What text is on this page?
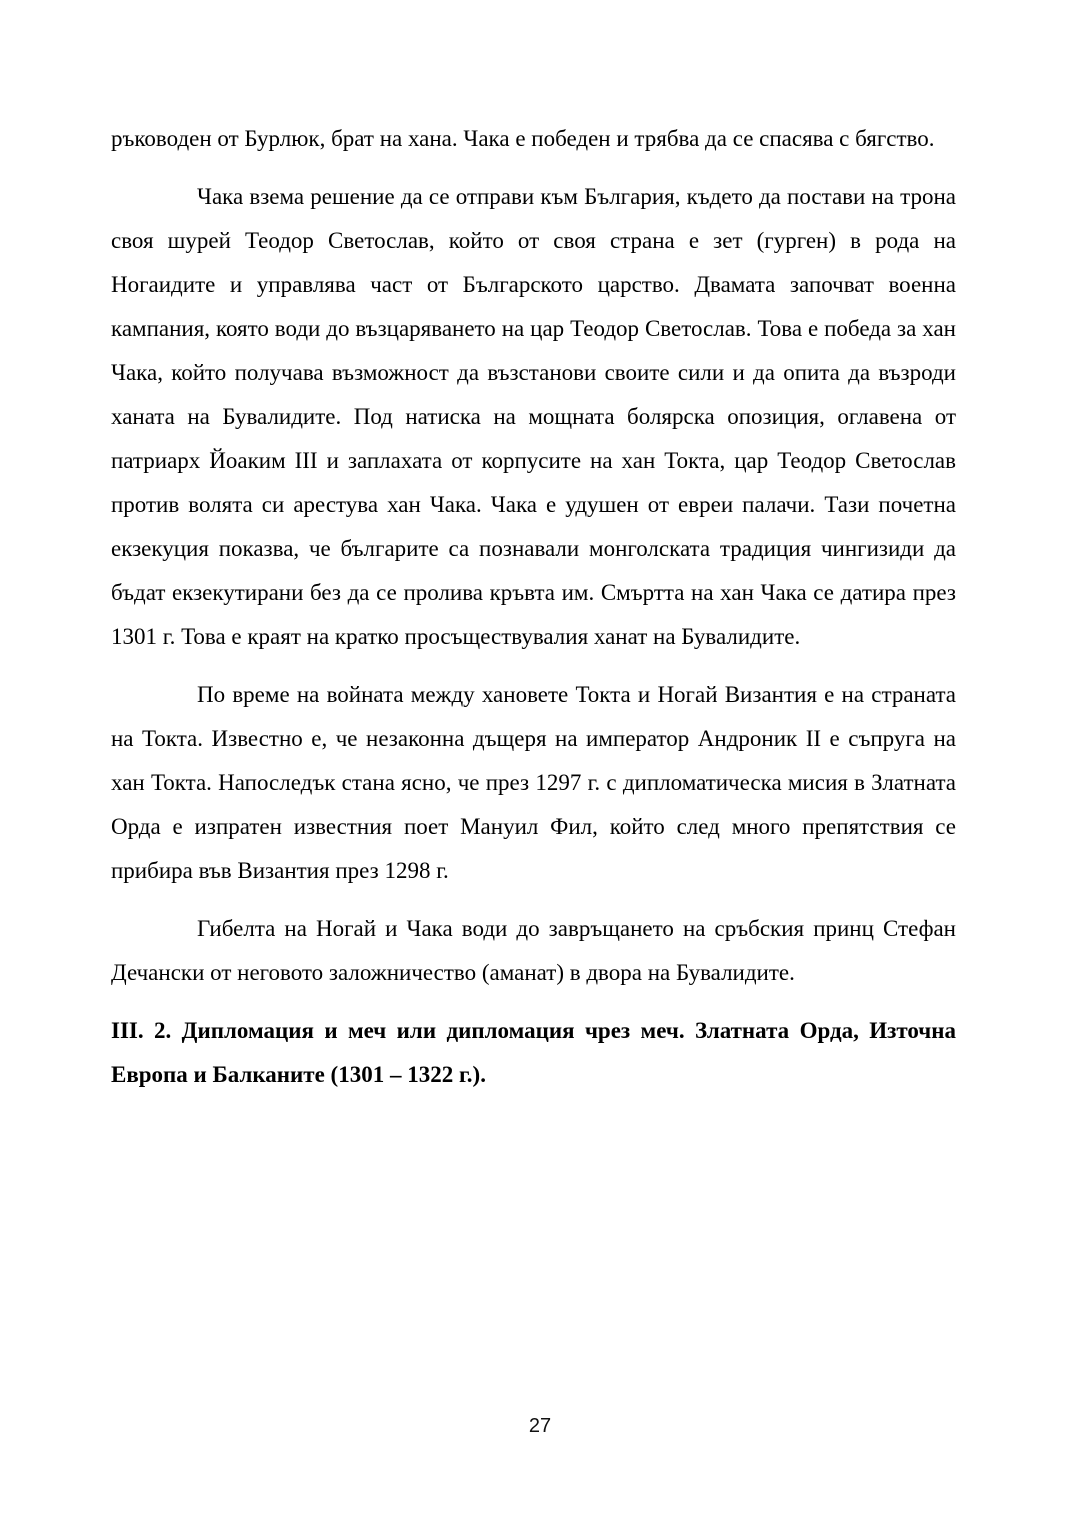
ръководен от Бурлюк, брат на хана. Чака е победен и трябва да се спасява с бягство.

Чака взема решение да се отправи към България, където да постави на трона своя шурей Теодор Светослав, който от своя страна е зет (гурген) в рода на Ногаидите и управлява част от Българското царство. Двамата започват военна кампания, която води до възцаряването на цар Теодор Светослав. Това е победа за хан Чака, който получава възможност да възстанови своите сили и да опита да възроди ханата на Бувалидите. Под натиска на мощната болярска опозиция, оглавена от патриарх Йоаким III и заплахата от корпусите на хан Токта, цар Теодор Светослав против волята си арестува хан Чака. Чака е удушен от евреи палачи. Тази почетна екзекуция показва, че българите са познавали монголската традиция чингизиди да бъдат екзекутирани без да се пролива кръвта им. Смъртта на хан Чака се датира през 1301 г. Това е краят на кратко просъществувалия ханат на Бувалидите.

По време на войната между хановете Токта и Ногай Византия е на страната на Токта. Известно е, че незаконна дъщеря на император Андроник II е съпруга на хан Токта. Напоследък стана ясно, че през 1297 г. с дипломатическа мисия в Златната Орда е изпратен известния поет Мануил Фил, който след много препятствия се прибира във Византия през 1298 г.

Гибелта на Ногай и Чака води до завръщането на сръбския принц Стефан Дечански от неговото заложничество (аманат) в двора на Бувалидите.

III. 2. Дипломация и меч или дипломация чрез меч. Златната Орда, Източна Европа и Балканите (1301 – 1322 г.).
27
